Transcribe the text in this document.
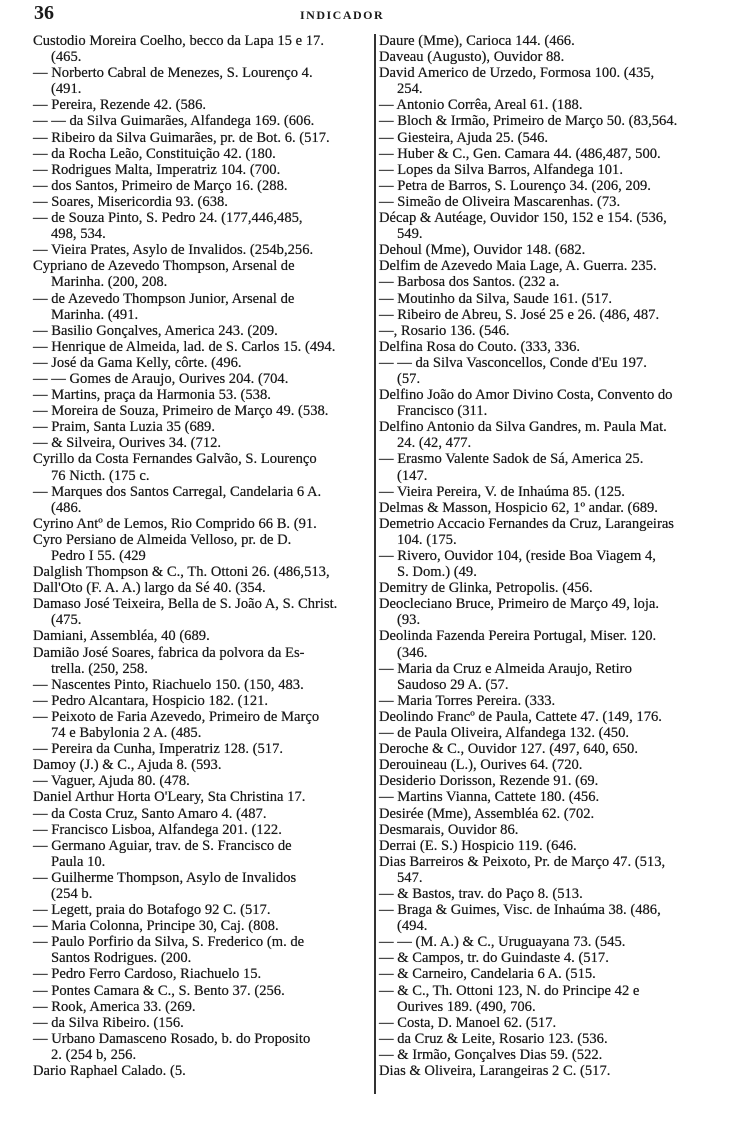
36	INDICADOR
Custodio Moreira Coelho, becco da Lapa 15 e 17.
(465.
— Norberto Cabral de Menezes, S. Lourenço 4.
(491.
— Pereira, Rezende 42. (586.
— — da Silva Guimarães, Alfandega 169. (606.
— Ribeiro da Silva Guimarães, pr. de Bot. 6. (517.
— da Rocha Leão, Constituição 42. (180.
— Rodrigues Malta, Imperatriz 104. (700.
— dos Santos, Primeiro de Março 16. (288.
— Soares, Misericordia 93. (638.
— de Souza Pinto, S. Pedro 24. (177,446,485,
498, 534.
— Vieira Prates, Asylo de Invalidos. (254b,256.
Cypriano de Azevedo Thompson, Arsenal de
Marinha. (200, 208.
— de Azevedo Thompson Junior, Arsenal de
Marinha. (491.
— Basilio Gonçalves, America 243. (209.
— Henrique de Almeida, lad. de S. Carlos 15. (494.
— José da Gama Kelly, côrte. (496.
— — Gomes de Araujo, Ourives 204. (704.
— Martins, praça da Harmonia 53. (538.
— Moreira de Souza, Primeiro de Março 49. (538.
— Praim, Santa Luzia 35 (689.
— & Silveira, Ourives 34. (712.
Cyrillo da Costa Fernandes Galvão, S. Lourenço
76 Nicth. (175 c.
— Marques dos Santos Carregal, Candelaria 6 A.
(486.
Cyrino Antº de Lemos, Rio Comprido 66 B. (91.
Cyro Persiano de Almeida Velloso, pr. de D.
Pedro I 55. (429
Dalglish Thompson & C., Th. Ottoni 26. (486,513,
Dall'Oto (F. A. A.) largo da Sé 40. (354.
Damaso José Teixeira, Bella de S. João A, S. Christ.
(475.
Damiani, Assembléa, 40 (689.
Damião José Soares, fabrica da polvora da Es-
trella. (250, 258.
— Nascentes Pinto, Riachuelo 150. (150, 483.
— Pedro Alcantara, Hospicio 182. (121.
— Peixoto de Faria Azevedo, Primeiro de Março
74 e Babylonia 2 A. (485.
— Pereira da Cunha, Imperatriz 128. (517.
Damoy (J.) & C., Ajuda 8. (593.
— Vaguer, Ajuda 80. (478.
Daniel Arthur Horta O'Leary, Sta Christina 17.
— da Costa Cruz, Santo Amaro 4. (487.
— Francisco Lisboa, Alfandega 201. (122.
— Germano Aguiar, trav. de S. Francisco de
Paula 10.
— Guilherme Thompson, Asylo de Invalidos
(254 b.
— Legett, praia do Botafogo 92 C. (517.
— Maria Colonna, Principe 30, Caj. (808.
— Paulo Porfirio da Silva, S. Frederico (m. de
Santos Rodrigues. (200.
— Pedro Ferro Cardoso, Riachuelo 15.
— Pontes Camara & C., S. Bento 37. (256.
— Rook, America 33. (269.
— da Silva Ribeiro. (156.
— Urbano Damasceno Rosado, b. do Proposito
2. (254 b, 256.
Dario Raphael Calado. (5.
Daure (Mme), Carioca 144. (466.
Daveau (Augusto), Ouvidor 88.
David Americo de Urzedo, Formosa 100. (435,
254.
— Antonio Corrêa, Areal 61. (188.
— Bloch & Irmão, Primeiro de Março 50. (83,564.
— Giesteira, Ajuda 25. (546.
— Huber & C., Gen. Camara 44. (486,487, 500.
— Lopes da Silva Barros, Alfandega 101.
— Petra de Barros, S. Lourenço 34. (206, 209.
— Simeão de Oliveira Mascarenhas. (73.
Décap & Autéage, Ouvidor 150, 152 e 154. (536,
549.
Dehoul (Mme), Ouvidor 148. (682.
Delfim de Azevedo Maia Lage, A. Guerra. 235.
— Barbosa dos Santos. (232 a.
— Moutinho da Silva, Saude 161. (517.
— Ribeiro de Abreu, S. José 25 e 26. (486, 487.
—, Rosario 136. (546.
Delfina Rosa do Couto. (333, 336.
— — da Silva Vasconcellos, Conde d'Eu 197.
(57.
Delfino João do Amor Divino Costa, Convento do
Francisco (311.
Delfino Antonio da Silva Gandres, m. Paula Mat.
24. (42, 477.
— Erasmo Valente Sadok de Sá, America 25.
(147.
— Vieira Pereira, V. de Inhaúma 85. (125.
Delmas & Masson, Hospicio 62, 1º andar. (689.
Demetrio Accacio Fernandes da Cruz, Larangeiras
104. (175.
— Rivero, Ouvidor 104, (reside Boa Viagem 4,
S. Dom.) (49.
Demitry de Glinka, Petropolis. (456.
Deocleciano Bruce, Primeiro de Março 49, loja.
(93.
Deolinda Fazenda Pereira Portugal, Miser. 120.
(346.
— Maria da Cruz e Almeida Araujo, Retiro
Saudoso 29 A. (57.
— Maria Torres Pereira. (333.
Deolindo Francº de Paula, Cattete 47. (149, 176.
— de Paula Oliveira, Alfandega 132. (450.
Deroche & C., Ouvidor 127. (497, 640, 650.
Derouineau (L.), Ourives 64. (720.
Desiderio Dorisson, Rezende 91. (69.
— Martins Vianna, Cattete 180. (456.
Desirée (Mme), Assembléa 62. (702.
Desmarais, Ouvidor 86.
Derrai (E. S.) Hospicio 119. (646.
Dias Barreiros & Peixoto, Pr. de Março 47. (513,
547.
— & Bastos, trav. do Paço 8. (513.
— Braga & Guimes, Visc. de Inhaúma 38. (486,
(494.
— — (M. A.) & C., Uruguayana 73. (545.
— & Campos, tr. do Guindaste 4. (517.
— & Carneiro, Candelaria 6 A. (515.
— & C., Th. Ottoni 123, N. do Principe 42 e
Ourives 189. (490, 706.
— Costa, D. Manoel 62. (517.
— da Cruz & Leite, Rosario 123. (536.
— & Irmão, Gonçalves Dias 59. (522.
Dias & Oliveira, Larangeiras 2 C. (517.
